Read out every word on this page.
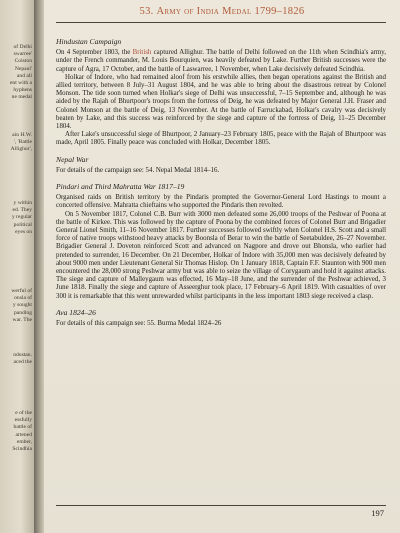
of Delhi
swarree'
Colston
Nepaul'
and all
ent with a
hyphens
ne medal
ain H.W.
', 'Battle
Allighur',
y within
ed. They
y regular
political
eyes on
werful of
onsla of
y sought
panding
war. The
ndustan.
aced the
e of the
essfully
battle of
artened
ember,
Scindhia
53. Army of India Medal 1799–1826
Hindustan Campaign

On 4 September 1803, the British captured Allighur. The battle of Delhi followed on the 11th when Scindhia's army, under the French commander, M. Louis Bourquien, was heavily defeated by Lake. Further British successes were the capture of Agra, 17 October, and the battle of Laswarree, 1 November, when Lake decisively defeated Scindhia.

Holkar of Indore, who had remained aloof from his erstwhile allies, then began operations against the British and allied territory, between 8 July–31 August 1804, and he was able to bring about the disastrous retreat by Colonel Monson. The tide soon turned when Holkar's siege of Delhi was unsuccessful, 7–15 September and, although he was aided by the Rajah of Bhurtpoor's troops from the fortress of Deig, he was defeated by Major General J.H. Fraser and Colonel Monson at the battle of Deig, 13 November. At the battle of Farruckabad, Holkar's cavalry was decisively beaten by Lake, and this success was reinforced by the siege and capture of the fortress of Deig, 11–25 December 1804.

After Lake's unsuccessful siege of Bhurtpoor, 2 January–23 February 1805, peace with the Rajah of Bhurtpoor was made, April 1805. Finally peace was concluded with Holkar, December 1805.

Nepal War

For details of the campaign see: 54. Nepal Medal 1814–16.

Pindari and Third Mahratta War 1817–19

Organised raids on British territory by the Pindaris prompted the Governor-General Lord Hastings to mount a concerted offensive. Mahratta chieftains who supported the Pindaris then revolted.

On 5 November 1817, Colonel C.B. Burr with 3000 men defeated some 26,000 troops of the Peshwar of Poona at the battle of Kirkee. This was followed by the capture of Poona by the combined forces of Colonel Burr and Brigadier General Lionel Smith, 11–16 November 1817. Further successes followed swiftly when Colonel H.S. Scott and a small force of native troops withstood heavy attacks by Boonsla of Berar to win the battle of Seetabuldee, 26–27 November. Brigadier General J. Doveton reinforced Scott and advanced on Nagpore and drove out Bhonsla, who earlier had pretended to surrender, 16 December. On 21 December, Holkar of Indore with 35,000 men was decisively defeated by about 9000 men under Lieutenant General Sir Thomas Hislop. On 1 January 1818, Captain F.F. Staunton with 900 men encountered the 28,000 strong Peshwar army but was able to seize the village of Corygaum and hold it against attacks. The siege and capture of Malleygaum was effected, 16 May–18 June, and the surrender of the Peshwar achieved, 3 June 1818. Finally the siege and capture of Asseerghur took place, 17 February–6 April 1819. With casualties of over 300 it is remarkable that this went unrewarded whilst participants in the less important 1803 siege received a clasp.

Ava 1824–26

For details of this campaign see: 55. Burma Medal 1824–26

197
